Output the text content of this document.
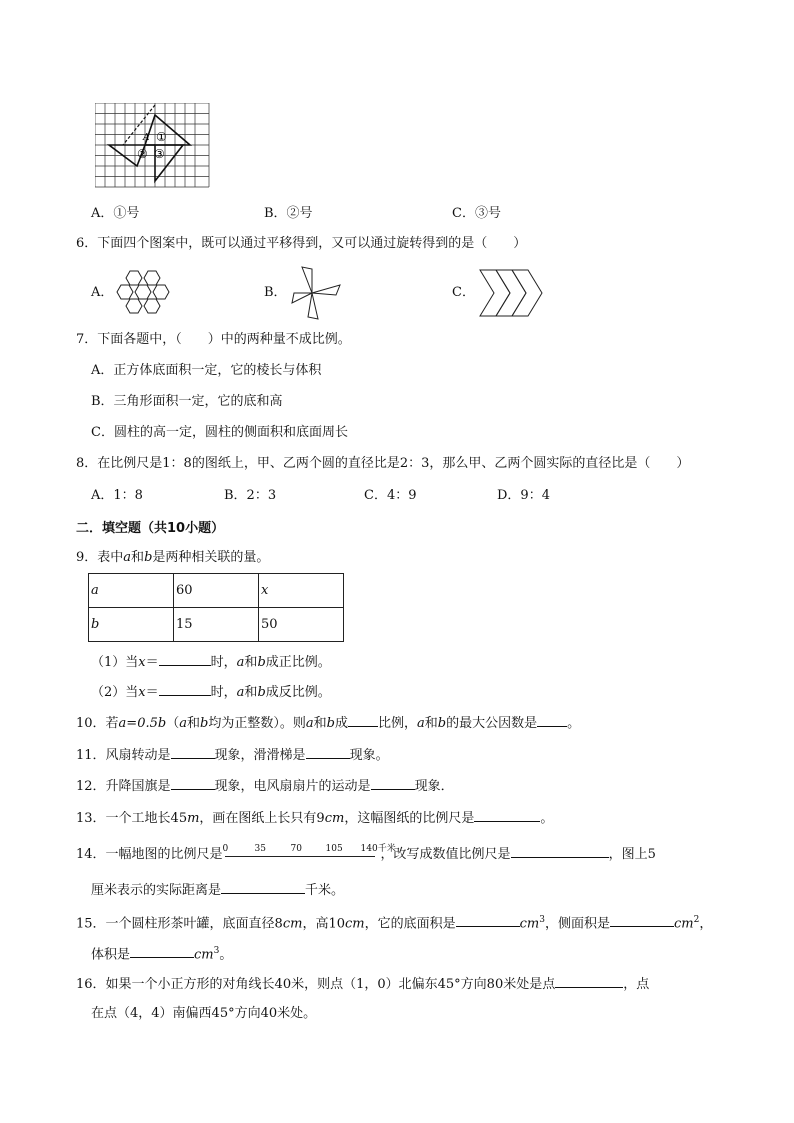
A ①
② ③
A．①号	B．②号	C．③号
6．下面四个图案中，既可以通过平移得到，又可以通过旋转得到的是（　　）
A．	B．	C．
7．下面各题中，（　　）中的两种量不成比例。
A．正方体底面积一定，它的棱长与体积
B．三角形面积一定，它的底和高
C．圆柱的高一定，圆柱的侧面积和底面周长
8．在比例尺是1：8的图纸上，甲、乙两个圆的直径比是2：3，那么甲、乙两个圆实际的直径比是（　　）
A．1：8	B．2：3	C．4：9	D．9：4
二．填空题（共10小题）
9．表中a和b是两种相关联的量。
a	60	x
b	15	50
（1）当x＝	时，a和b成正比例。
（2）当x＝	时，a和b成反比例。
10．若a=0.5b（a和b均为正整数）。则a和b成 比例，a和b的最大公因数是 。
11．风扇转动是	现象，滑滑梯是	现象。
12．升降国旗是	现象，电风扇扇片的运动是	现象．
13．一个工地长45m，画在图纸上长只有9cm，这幅图纸的比例尺是	。
14．一幅地图的比例尺是 0	35	70	105 140千米
，改写成数值比例尺是	，图上5
厘米表示的实际距离是	千米。
15．一个圆柱形茶叶罐，底面直径8cm，高10cm，它的底面积是	$cm^3$，侧面积是	$cm^2$，
体积是	$cm^3$。
16．如果一个小正方形的对角线长40米，则点（1，0）北偏东45°方向80米处是点	，点
在点（4，4）南偏西45°方向40米处。
